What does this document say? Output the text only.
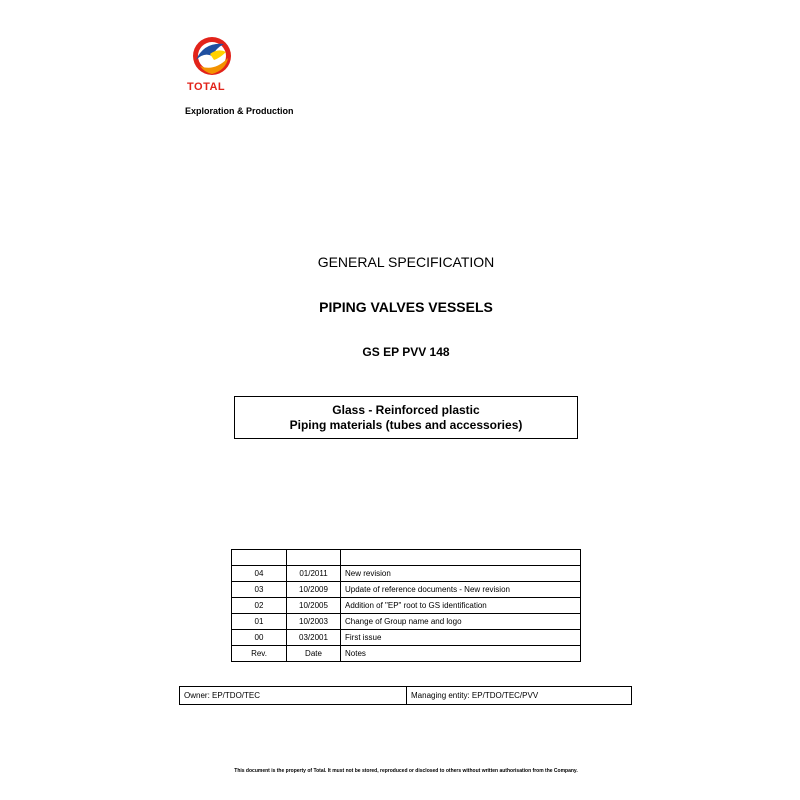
TOTAL
Exploration & Production
GENERAL SPECIFICATION
PIPING VALVES VESSELS
GS EP PVV 148
Glass - Reinforced plastic
Piping materials (tubes and accessories)

04	01/2011	New revision
03	10/2009	Update of reference documents - New revision
02	10/2005	Addition of "EP" root to GS identification
01	10/2003	Change of Group name and logo
00	03/2001	First issue
Rev.	Date	Notes
Owner: EP/TDO/TEC	Managing entity: EP/TDO/TEC/PVV
This document is the property of Total. It must not be stored, reproduced or disclosed to others without written authorisation from the Company.
